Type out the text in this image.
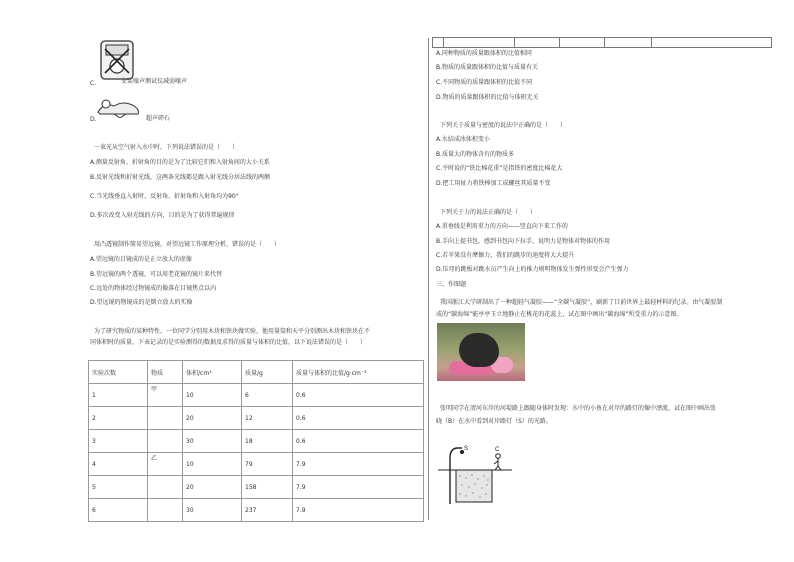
C.	安装噪声测试仪减弱噪声
D.	超声碎石
一束光从空气射入水中时，下列说法错误的是（　　）
A.测量反射角、折射角的目的是为了比较它们和入射角间的大小关系
B.反射光线和折射光线，这两条光线都是跟入射光线分居法线的两侧
C.当光线垂直入射时，反射角、折射角和入射角均为90°
D.多次改变入射光线的方向，目的是为了获得普遍规律
用凸透镜制作简易望远镜，对望远镜工作原理分析，错误的是（　　）
A.望远镜的目镜成的是正立放大的虚像
B.望远镜的两个透镜，可以用老花镜的镜片来代替
C.远处的物体经过物镜成的像落在目镜焦点以内
D.望远镜的物镜成的是倒立放大的实像
为了研究物质的某种特性，一位同学分别用木块和铁块做实验，他用量筒和天平分别测出木块和铁块在不
同体积时的质量，下表记录的是实验测得的数据及求得的质量与体积的比值，以下说法错误的是（　　）
实验次数	物质	体积/cm³	质量/g	质量与体积的比值/g·cm⁻³
1	甲	10	6	0.6
2		20	12	0.6
3		30	18	0.6
4	乙	10	79	7.9
5		20	158	7.9
6		30	237	7.9

A.同种物质的质量跟体积的比值相同
B.物质的质量跟体积的比值与质量有关
C.不同物质的质量跟体积的比值不同
D.物质的质量跟体积的比值与体积无关
下列关于质量与密度的说法中正确的是（　　）
A.水结成冰体积变小
B.质量大的物体含有的物质多
C.平时说的“铁比棉花重”是指铁的密度比棉花大
D.把工用扯力将铁棒加工成螺丝其质量不变
下列关于力的说法正确的是（　　）
A.重垂线是利用重力的方向——竖直向下来工作的
B.手向上提书包，感到书包向下拉手，说明力是物体对物体的作用
C.若苹果没有摩擦力，我们的跳步的速度将大大提升
D.压弯的跳板对跳水员产生向上的推力则明物体发生弹性形变会产生弹力
三、作图题
我国浙江大学研制出了一种超轻气凝胶——“全碳气凝胶”，刷新了目前世界上最轻材料的纪录。由气凝胶制
成的“碳海绵”能亭亭玉立地静止在桃花的花蕊上，试在图中画出“碳海绵”所受重力的示意图。
张明同学在清河东岸的河堤路上跟随身体时发现：水中的小鱼在对岸的路灯的像中漂流，试在图中画出张
晓（B）在水中看到对岸路灯（S）的光路。
S	C
